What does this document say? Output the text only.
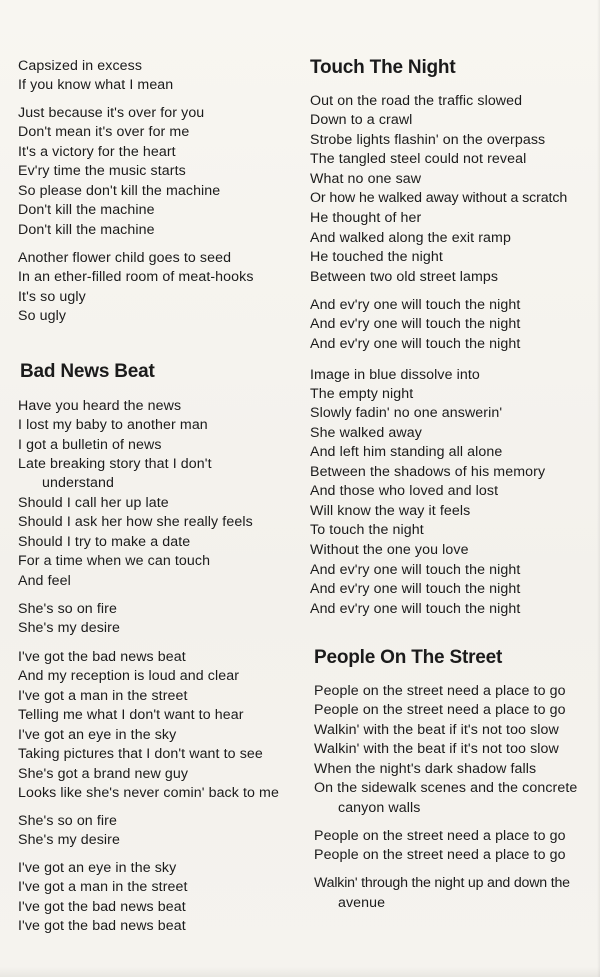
Capsized in excess
If you know what I mean
Just because it's over for you
Don't mean it's over for me
It's a victory for the heart
Ev'ry time the music starts
So please don't kill the machine
Don't kill the machine
Don't kill the machine
Another flower child goes to seed
In an ether-filled room of meat-hooks
It's so ugly
So ugly
Bad News Beat
Have you heard the news
I lost my baby to another man
I got a bulletin of news
Late breaking story that I don't
understand
Should I call her up late
Should I ask her how she really feels
Should I try to make a date
For a time when we can touch
And feel
She's so on fire
She's my desire
I've got the bad news beat
And my reception is loud and clear
I've got a man in the street
Telling me what I don't want to hear
I've got an eye in the sky
Taking pictures that I don't want to see
She's got a brand new guy
Looks like she's never comin' back to me
She's so on fire
She's my desire
I've got an eye in the sky
I've got a man in the street
I've got the bad news beat
I've got the bad news beat
Touch The Night
Out on the road the traffic slowed
Down to a crawl
Strobe lights flashin' on the overpass
The tangled steel could not reveal
What no one saw
Or how he walked away without a scratch
He thought of her
And walked along the exit ramp
He touched the night
Between two old street lamps
And ev'ry one will touch the night
And ev'ry one will touch the night
And ev'ry one will touch the night
Image in blue dissolve into
The empty night
Slowly fadin' no one answerin'
She walked away
And left him standing all alone
Between the shadows of his memory
And those who loved and lost
Will know the way it feels
To touch the night
Without the one you love
And ev'ry one will touch the night
And ev'ry one will touch the night
And ev'ry one will touch the night
People On The Street
People on the street need a place to go
People on the street need a place to go
Walkin' with the beat if it's not too slow
Walkin' with the beat if it's not too slow
When the night's dark shadow falls
On the sidewalk scenes and the concrete
canyon walls
People on the street need a place to go
People on the street need a place to go
Walkin' through the night up and down the
avenue
